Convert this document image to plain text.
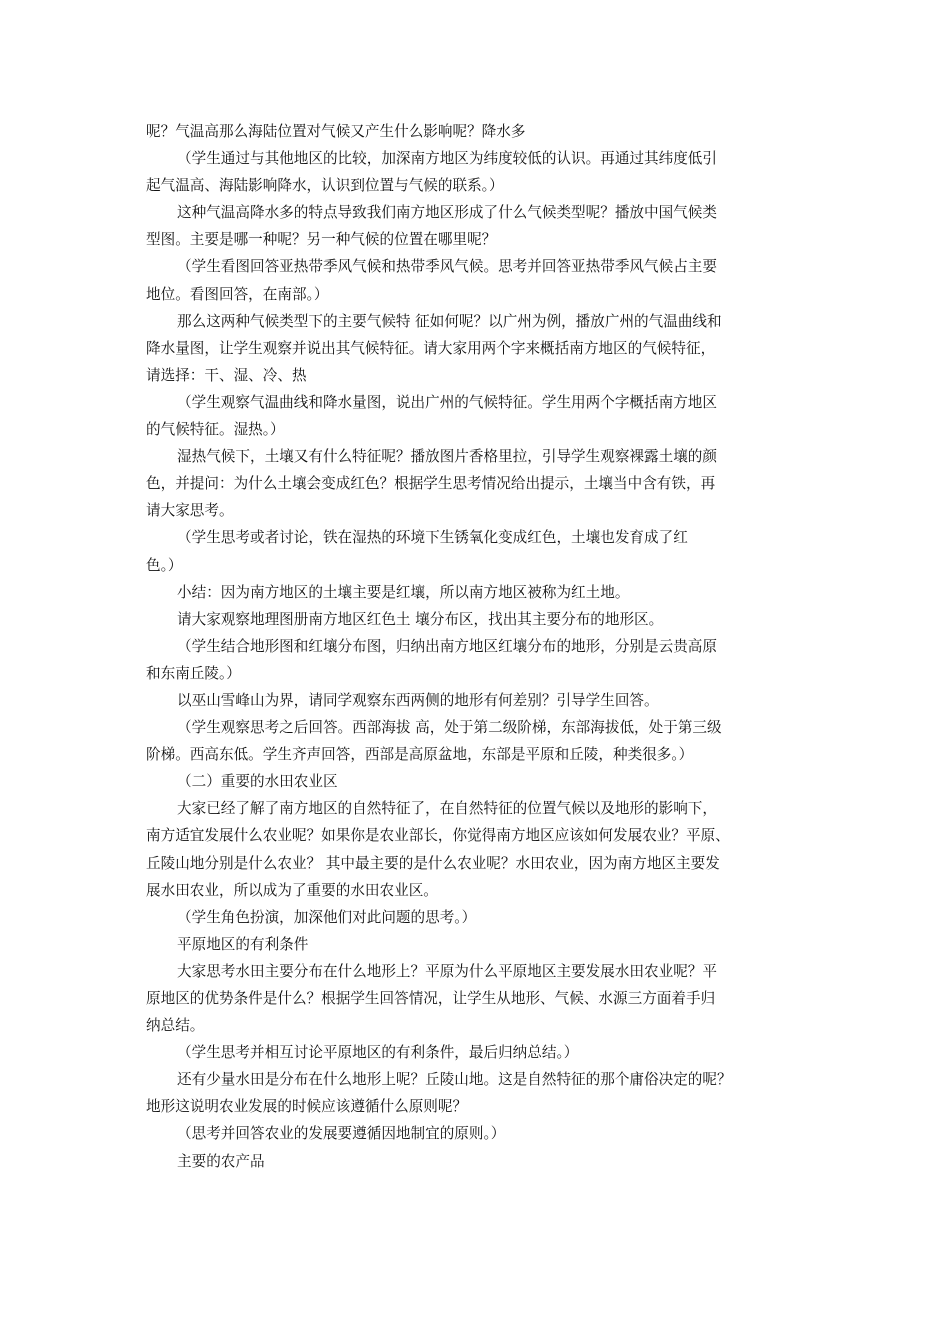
呢？气温高那么海陆位置对气候又产生什么影响呢？降水多
（学生通过与其他地区的比较，加深南方地区为纬度较低的认识。再通过其纬度低引
起气温高、海陆影响降水，认识到位置与气候的联系。）
这种气温高降水多的特点导致我们南方地区形成了什么气候类型呢？播放中国气候类
型图。主要是哪一种呢？另一种气候的位置在哪里呢？
（学生看图回答亚热带季风气候和热带季风气候。思考并回答亚热带季风气候占主要
地位。看图回答，在南部。）
那么这两种气候类型下的主要气候特 征如何呢？以广州为例，播放广州的气温曲线和
降水量图，让学生观察并说出其气候特征。请大家用两个字来概括南方地区的气候特征，
请选择：干、湿、冷、热
（学生观察气温曲线和降水量图，说出广州的气候特征。学生用两个字概括南方地区
的气候特征。湿热。）
湿热气候下，土壤又有什么特征呢？播放图片香格里拉，引导学生观察裸露土壤的颜
色，并提问：为什么土壤会变成红色？根据学生思考情况给出提示，土壤当中含有铁，再
请大家思考。
（学生思考或者讨论，铁在湿热的环境下生锈氧化变成红色，土壤也发育成了红
色。）
小结：因为南方地区的土壤主要是红壤，所以南方地区被称为红土地。
请大家观察地理图册南方地区红色土 壤分布区，找出其主要分布的地形区。
（学生结合地形图和红壤分布图，归纳出南方地区红壤分布的地形，分别是云贵高原
和东南丘陵。）
以巫山雪峰山为界，请同学观察东西两侧的地形有何差别？引导学生回答。
（学生观察思考之后回答。西部海拔 高，处于第二级阶梯，东部海拔低，处于第三级
阶梯。西高东低。学生齐声回答，西部是高原盆地，东部是平原和丘陵，种类很多。）
（二）重要的水田农业区
大家已经了解了南方地区的自然特征了，在自然特征的位置气候以及地形的影响下，
南方适宜发展什么农业呢？如果你是农业部长，你觉得南方地区应该如何发展农业？平原、
丘陵山地分别是什么农业？ 其中最主要的是什么农业呢？水田农业，因为南方地区主要发
展水田农业，所以成为了重要的水田农业区。
（学生角色扮演，加深他们对此问题的思考。）
平原地区的有利条件
大家思考水田主要分布在什么地形上？平原为什么平原地区主要发展水田农业呢？平
原地区的优势条件是什么？根据学生回答情况，让学生从地形、气候、水源三方面着手归
纳总结。
（学生思考并相互讨论平原地区的有利条件，最后归纳总结。）
还有少量水田是分布在什么地形上呢？丘陵山地。这是自然特征的那个庸俗决定的呢？
地形这说明农业发展的时候应该遵循什么原则呢？
（思考并回答农业的发展要遵循因地制宜的原则。）
主要的农产品
